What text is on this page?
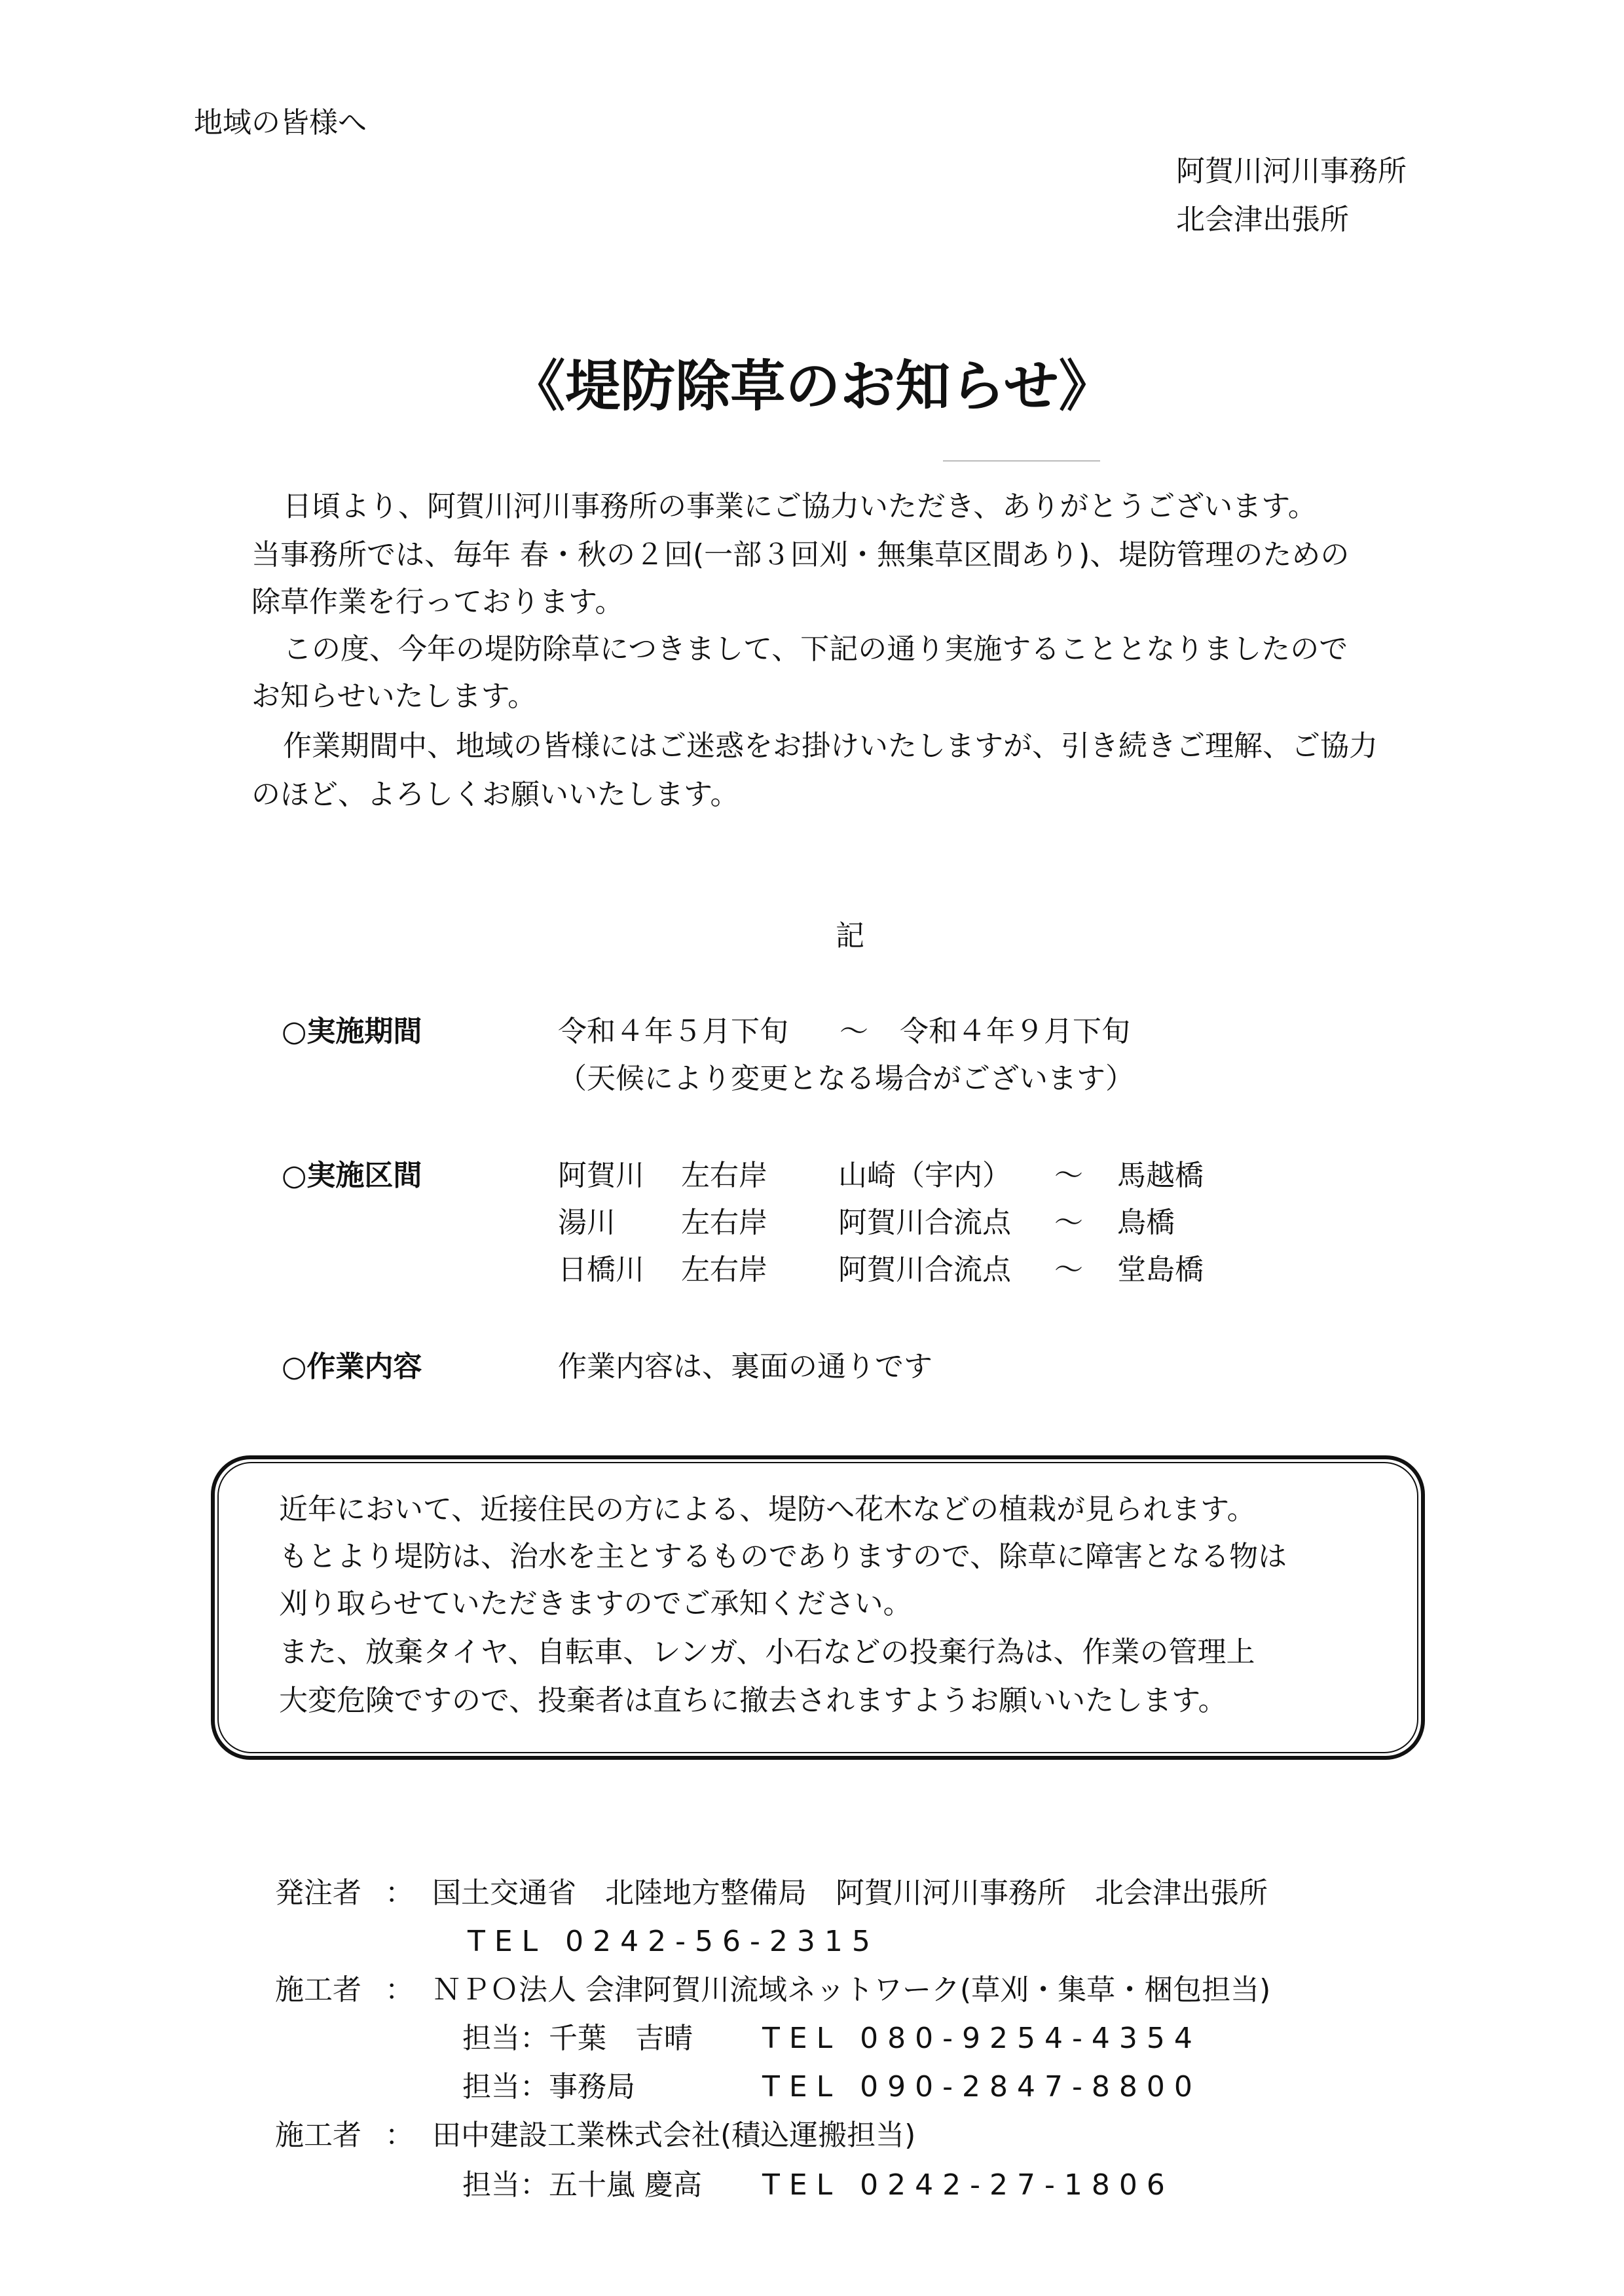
地域の皆様へ
阿賀川河川事務所
北会津出張所
《堤防除草のお知らせ》
日頃より、阿賀川河川事務所の事業にご協力いただき、ありがとうございます。
当事務所では、毎年 春・秋の２回(一部３回刈・無集草区間あり)、堤防管理のための
除草作業を行っております。
この度、今年の堤防除草につきまして、下記の通り実施することとなりましたので
お知らせいたします。
作業期間中、地域の皆様にはご迷惑をお掛けいたしますが、引き続きご理解、ご協力
のほど、よろしくお願いいたします。
記
○実施期間	令和４年５月下旬 ～ 令和４年９月下旬
（天候により変更となる場合がございます）
○実施区間	阿賀川 左右岸 山崎（宇内） ～ 馬越橋
湯川 左右岸 阿賀川合流点 ～ 鳥橋
日橋川 左右岸 阿賀川合流点 ～ 堂島橋
○作業内容	作業内容は、裏面の通りです
近年において、近接住民の方による、堤防へ花木などの植栽が見られます。
もとより堤防は、治水を主とするものでありますので、除草に障害となる物は
刈り取らせていただきますのでご承知ください。
また、放棄タイヤ、自転車、レンガ、小石などの投棄行為は、作業の管理上
大変危険ですので、投棄者は直ちに撤去されますようお願いいたします。
発注者 ： 国土交通省　北陸地方整備局　阿賀川河川事務所　北会津出張所
TEL 0242-56-2315
施工者 ： ＮＰＯ法人 会津阿賀川流域ネットワーク(草刈・集草・梱包担当)
担当：千葉　吉晴 TEL 080-9254-4354
担当：事務局	TEL 090-2847-8800
施工者 ： 田中建設工業株式会社(積込運搬担当)
担当：五十嵐 慶高 TEL 0242-27-1806
